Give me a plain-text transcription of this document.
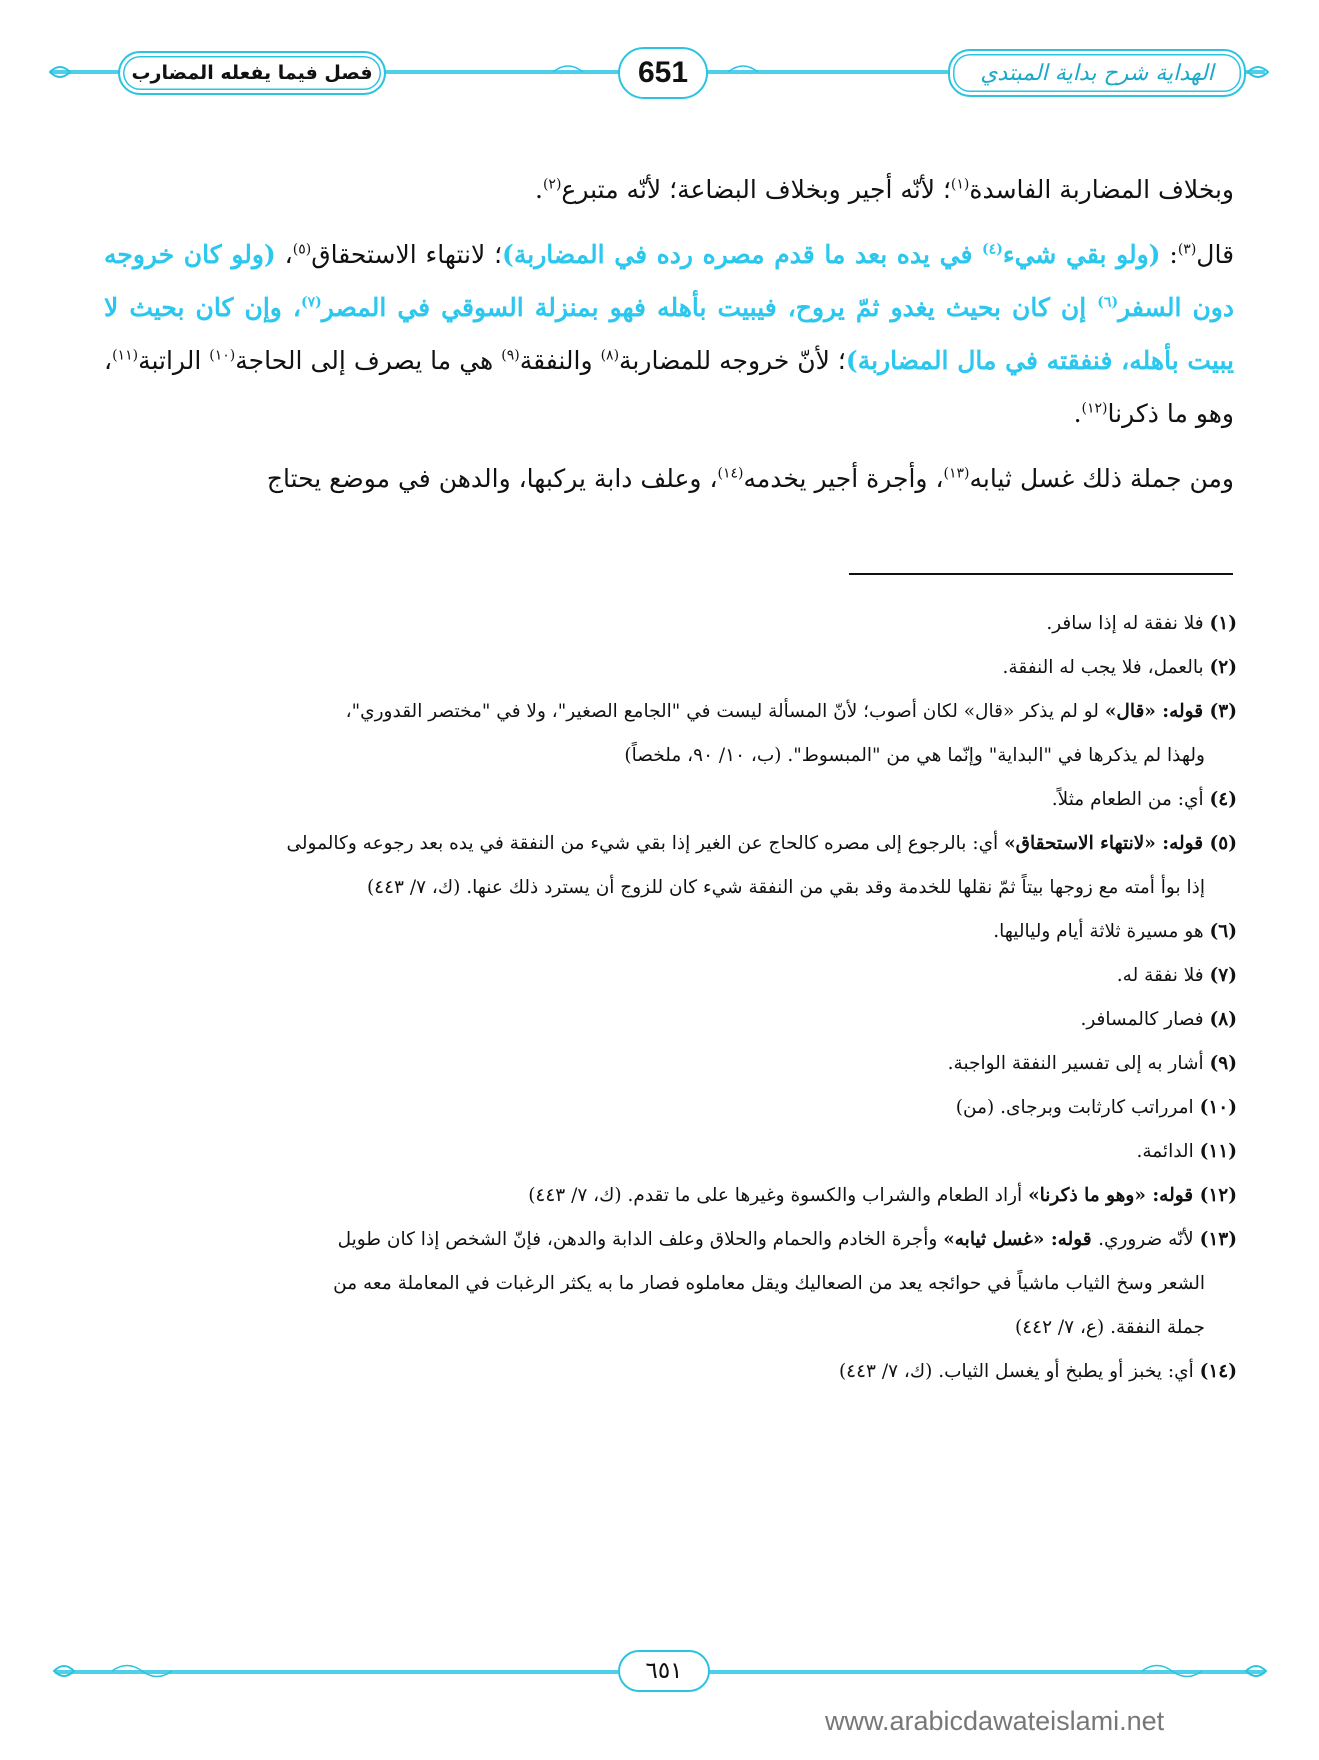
فصل فيما يفعله المضارب	651	الهداية شرح بداية المبتدي

وبخلاف المضاربة الفاسدة$^{(١)}$؛ لأنّه أجير وبخلاف البضاعة؛ لأنّه متبرع$^{(٢)}$.

قال$^{(٣)}$: (ولو بقي شيء$^{(٤)}$ في يده بعد ما قدم مصره رده في المضاربة)؛ لانتهاء الاستحقاق$^{(٥)}$، (ولو كان خروجه دون السفر$^{(٦)}$ إن كان بحيث يغدو ثمّ يروح، فيبيت بأهله فهو بمنزلة السوقي في المصر$^{(٧)}$، وإن كان بحيث لا يبيت بأهله، فنفقته في مال المضاربة)؛ لأنّ خروجه للمضاربة$^{(٨)}$ والنفقة$^{(٩)}$ هي ما يصرف إلى الحاجة$^{(١٠)}$ الراتبة$^{(١١)}$، وهو ما ذكرنا$^{(١٢)}$.

ومن جملة ذلك غسل ثيابه$^{(١٣)}$، وأجرة أجير يخدمه$^{(١٤)}$، وعلف دابة يركبها، والدهن في موضع يحتاج

(١) فلا نفقة له إذا سافر.
(٢) بالعمل، فلا يجب له النفقة.
(٣) قوله: «قال» لو لم يذكر «قال» لكان أصوب؛ لأنّ المسألة ليست في "الجامع الصغير"، ولا في "مختصر القدوري"،
ولهذا لم يذكرها في "البداية" وإنّما هي من "المبسوط". (ب، ١٠/ ٩٠، ملخصاً)
(٤) أي: من الطعام مثلاً.
(٥) قوله: «لانتهاء الاستحقاق» أي: بالرجوع إلى مصره كالحاج عن الغير إذا بقي شيء من النفقة في يده بعد رجوعه وكالمولى
إذا بوأ أمته مع زوجها بيتاً ثمّ نقلها للخدمة وقد بقي من النفقة شيء كان للزوج أن يسترد ذلك عنها. (ك، ٧/ ٤٤٣)
(٦) هو مسيرة ثلاثة أيام ولياليها.
(٧) فلا نفقة له.
(٨) فصار كالمسافر.
(٩) أشار به إلى تفسير النفقة الواجبة.
(١٠) امرراتب كارثابت وبرجاى. (من)
(١١) الدائمة.
(١٢) قوله: «وهو ما ذكرنا» أراد الطعام والشراب والكسوة وغيرها على ما تقدم. (ك، ٧/ ٤٤٣)
(١٣) لأنّه ضروري. قوله: «غسل ثيابه» وأجرة الخادم والحمام والحلاق وعلف الدابة والدهن، فإنّ الشخص إذا كان طويل
الشعر وسخ الثياب ماشياً في حوائجه يعد من الصعاليك ويقل معاملوه فصار ما به يكثر الرغبات في المعاملة معه من
جملة النفقة. (ع، ٧/ ٤٤٢)
(١٤) أي: يخبز أو يطبخ أو يغسل الثياب. (ك، ٧/ ٤٤٣)
٦٥١
www.arabicdawateislami.net
